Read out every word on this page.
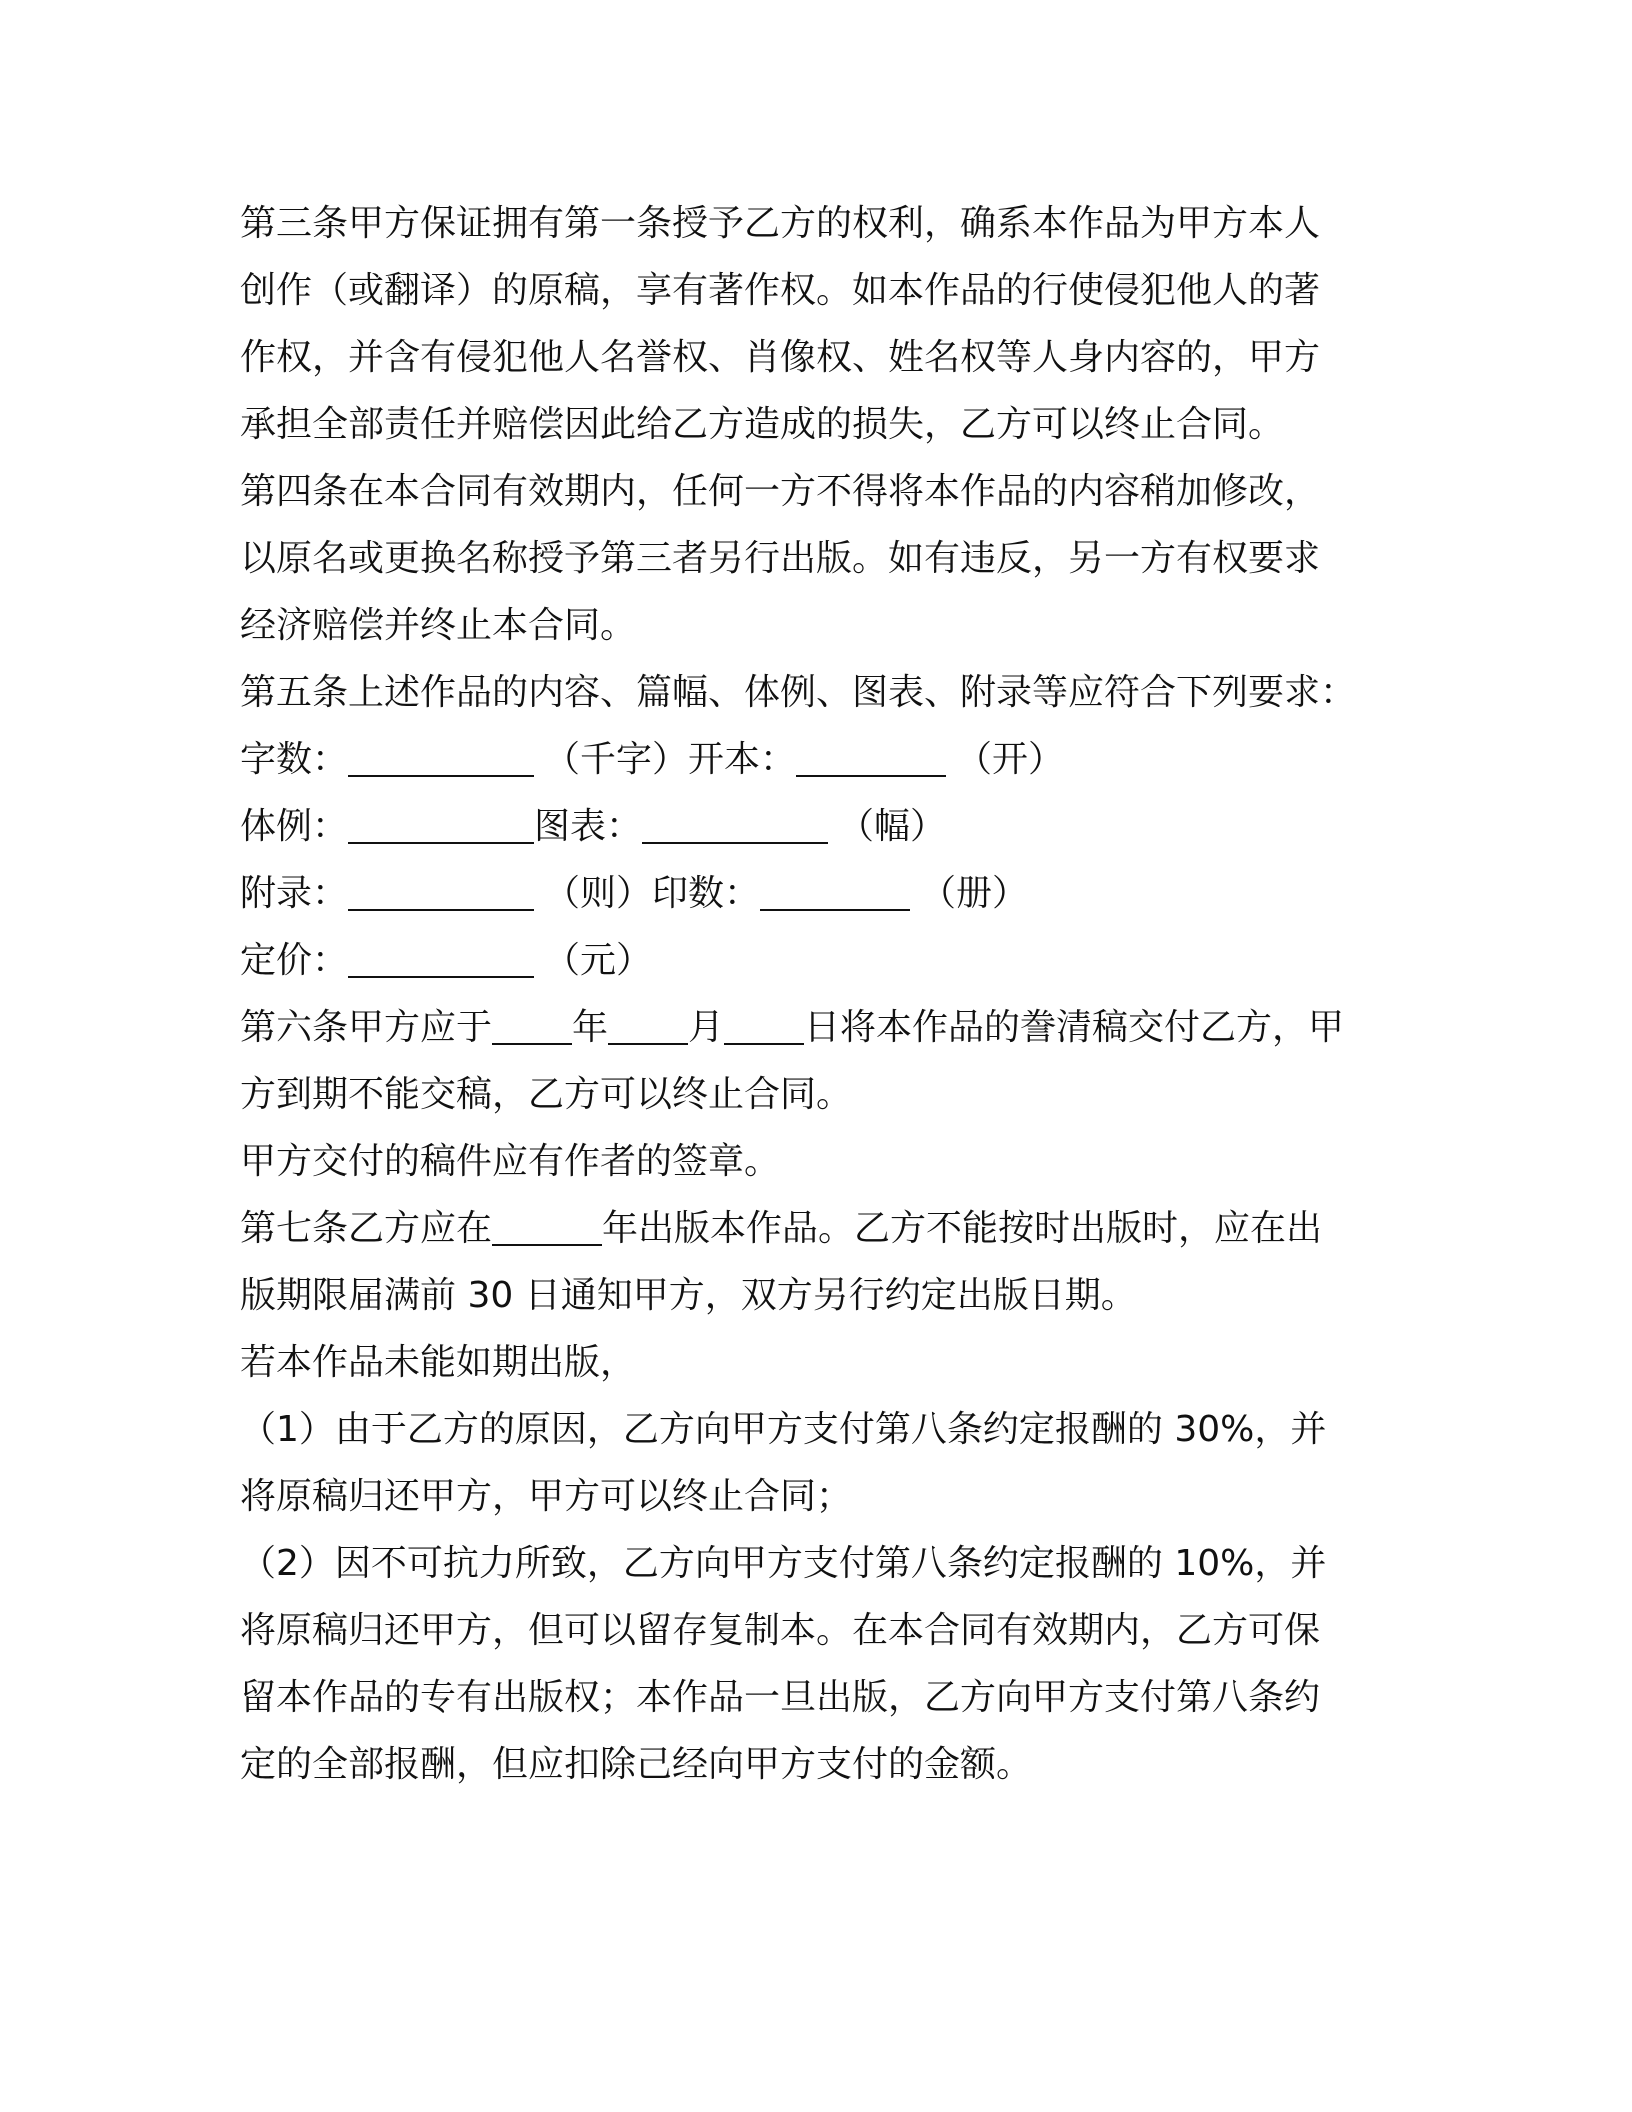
第三条甲方保证拥有第一条授予乙方的权利，确系本作品为甲方本人
创作（或翻译）的原稿，享有著作权。如本作品的行使侵犯他人的著
作权，并含有侵犯他人名誉权、肖像权、姓名权等人身内容的，甲方
承担全部责任并赔偿因此给乙方造成的损失，乙方可以终止合同。
第四条在本合同有效期内，任何一方不得将本作品的内容稍加修改，
以原名或更换名称授予第三者另行出版。如有违反，另一方有权要求
经济赔偿并终止本合同。
第五条上述作品的内容、篇幅、体例、图表、附录等应符合下列要求：
字数：	（千字）开本：	（开）
体例：	图表：	（幅）
附录：	（则）印数：	（册）
定价：	（元）
第六条甲方应于 年 月 日将本作品的誊清稿交付乙方，甲
方到期不能交稿，乙方可以终止合同。
甲方交付的稿件应有作者的签章。
第七条乙方应在	年出版本作品。乙方不能按时出版时，应在出
版期限届满前 30 日通知甲方，双方另行约定出版日期。
若本作品未能如期出版，
（1）由于乙方的原因，乙方向甲方支付第八条约定报酬的 30%，并
将原稿归还甲方，甲方可以终止合同；
（2）因不可抗力所致，乙方向甲方支付第八条约定报酬的 10%，并
将原稿归还甲方，但可以留存复制本。在本合同有效期内，乙方可保
留本作品的专有出版权；本作品一旦出版，乙方向甲方支付第八条约
定的全部报酬，但应扣除己经向甲方支付的金额。
